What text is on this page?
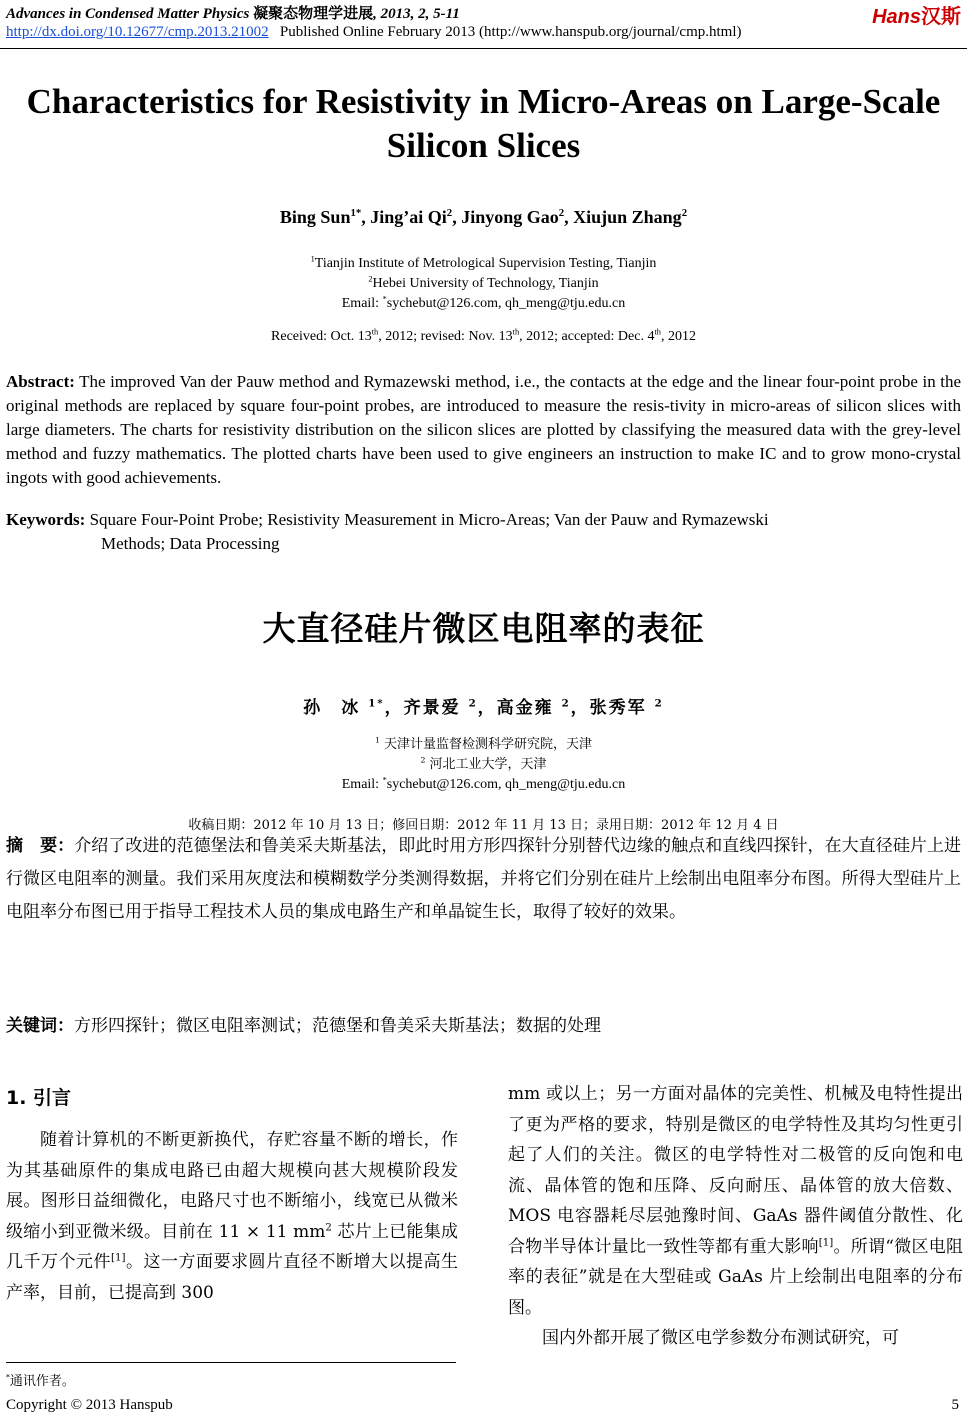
Advances in Condensed Matter Physics 凝聚态物理学进展, 2013, 2, 5-11
http://dx.doi.org/10.12677/cmp.2013.21002 Published Online February 2013 (http://www.hanspub.org/journal/cmp.html)
Hans汉斯
Characteristics for Resistivity in Micro-Areas on Large-Scale Silicon Slices
Bing Sun$^{1*}$, Jing’ai Qi$^2$, Jinyong Gao$^2$, Xiujun Zhang$^2$
$^1$Tianjin Institute of Metrological Supervision Testing, Tianjin
$^2$Hebei University of Technology, Tianjin
Email: *sychebut@126.com, qh_meng@tju.edu.cn
Received: Oct. 13th, 2012; revised: Nov. 13th, 2012; accepted: Dec. 4th, 2012
Abstract: The improved Van der Pauw method and Rymazewski method, i.e., the contacts at the edge and the linear four-point probe in the original methods are replaced by square four-point probes, are introduced to measure the resis-tivity in micro-areas of silicon slices with large diameters. The charts for resistivity distribution on the silicon slices are plotted by classifying the measured data with the grey-level method and fuzzy mathematics. The plotted charts have been used to give engineers an instruction to make IC and to grow mono-crystal ingots with good achievements.
Keywords: Square Four-Point Probe; Resistivity Measurement in Micro-Areas; Van der Pauw and Rymazewski
Methods; Data Processing
大直径硅片微区电阻率的表征
孙　冰 $^{1*}$，齐景爱 $^2$，高金雍 $^2$，张秀军 $^2$
$^1$ 天津计量监督检测科学研究院，天津
$^2$ 河北工业大学，天津
Email: *sychebut@126.com, qh_meng@tju.edu.cn
收稿日期：2012 年 10 月 13 日；修回日期：2012 年 11 月 13 日；录用日期：2012 年 12 月 4 日
摘　要：介绍了改进的范德堡法和鲁美采夫斯基法，即此时用方形四探针分别替代边缘的触点和直线四探针，在大直径硅片上进行微区电阻率的测量。我们采用灰度法和模糊数学分类测得数据，并将它们分别在硅片上绘制出电阻率分布图。所得大型硅片上电阻率分布图已用于指导工程技术人员的集成电路生产和单晶锭生长，取得了较好的效果。
关键词：方形四探针；微区电阻率测试；范德堡和鲁美采夫斯基法；数据的处理
1. 引言
随着计算机的不断更新换代，存贮容量不断的增长，作为其基础原件的集成电路已由超大规模向甚大规模阶段发展。图形日益细微化，电路尺寸也不断缩小，线宽已从微米级缩小到亚微米级。目前在 11 × 11 $mm^2$ 芯片上已能集成几千万个元件[1]。这一方面要求圆片直径不断增大以提高生产率，目前，已提高到 300
mm 或以上；另一方面对晶体的完美性、机械及电特性提出了更为严格的要求，特别是微区的电学特性及其均匀性更引起了人们的关注。微区的电学特性对二极管的反向饱和电流、晶体管的饱和压降、反向耐压、晶体管的放大倍数、MOS 电容器耗尽层弛豫时间、GaAs 器件阈值分散性、化合物半导体计量比一致性等都有重大影响[1]。所谓“微区电阻率的表征”就是在大型硅或 GaAs 片上绘制出电阻率的分布图。
国内外都开展了微区电学参数分布测试研究，可
*通讯作者。
Copyright © 2013 Hanspub	5
